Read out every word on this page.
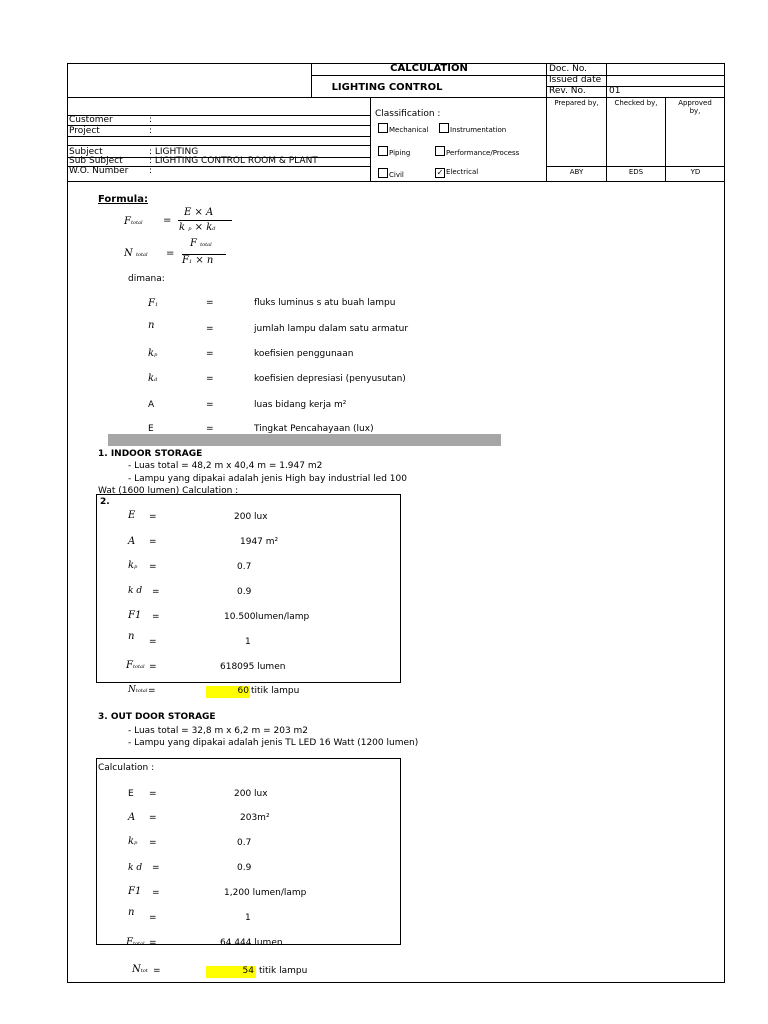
CALCULATION
LIGHTING CONTROL
Doc. No.
Issued date
Rev. No.	01
Prepared by,	Checked by,	Approved by,
ABY	EDS	YD
Customer	:
Project	:
Subject	: LIGHTING
Sub Subject	: LIGHTING CONTROL ROOM & PLANT
W.O. Number :
Classification :
Mechanical	Instrumentation
Piping	Performance/Process
Civil	✓ Electrical
Formula:
Ftotal =
E × A
k p × kd
N total =
F total
F1 × n
dimana:
F1	=	fluks luminus s atu buah lampu
n	=	jumlah lampu dalam satu armatur
kp	=	koefisien penggunaan
kd	=	koefisien depresiasi (penyusutan)
A	=	luas bidang kerja m²
E	=	Tingkat Pencahayaan (lux)
1. INDOOR STORAGE
- Luas total = 48,2 m x 40,4 m = 1.947 m2
- Lampu yang dipakai adalah jenis High bay industrial led 100
Wat (1600 lumen) Calculation :
2.
E =	200 lux
A =	1947 m²
kp =	0.7
k d =	0.9
F1 =	10.500lumen/lamp
n =	1
Ftotal =	618095 lumen
Ntotal =	60 titik lampu
3. OUT DOOR STORAGE
- Luas total = 32,8 m x 6,2 m = 203 m2
- Lampu yang dipakai adalah jenis TL LED 16 Watt (1200 lumen)
Calculation :
E =	200 lux
A =	203m²
kp =	0.7
k d =	0.9
F1 =	1,200 lumen/lamp
n =	1
Ftotal =	64.444 lumen
Ntot =	54 titik lampu
